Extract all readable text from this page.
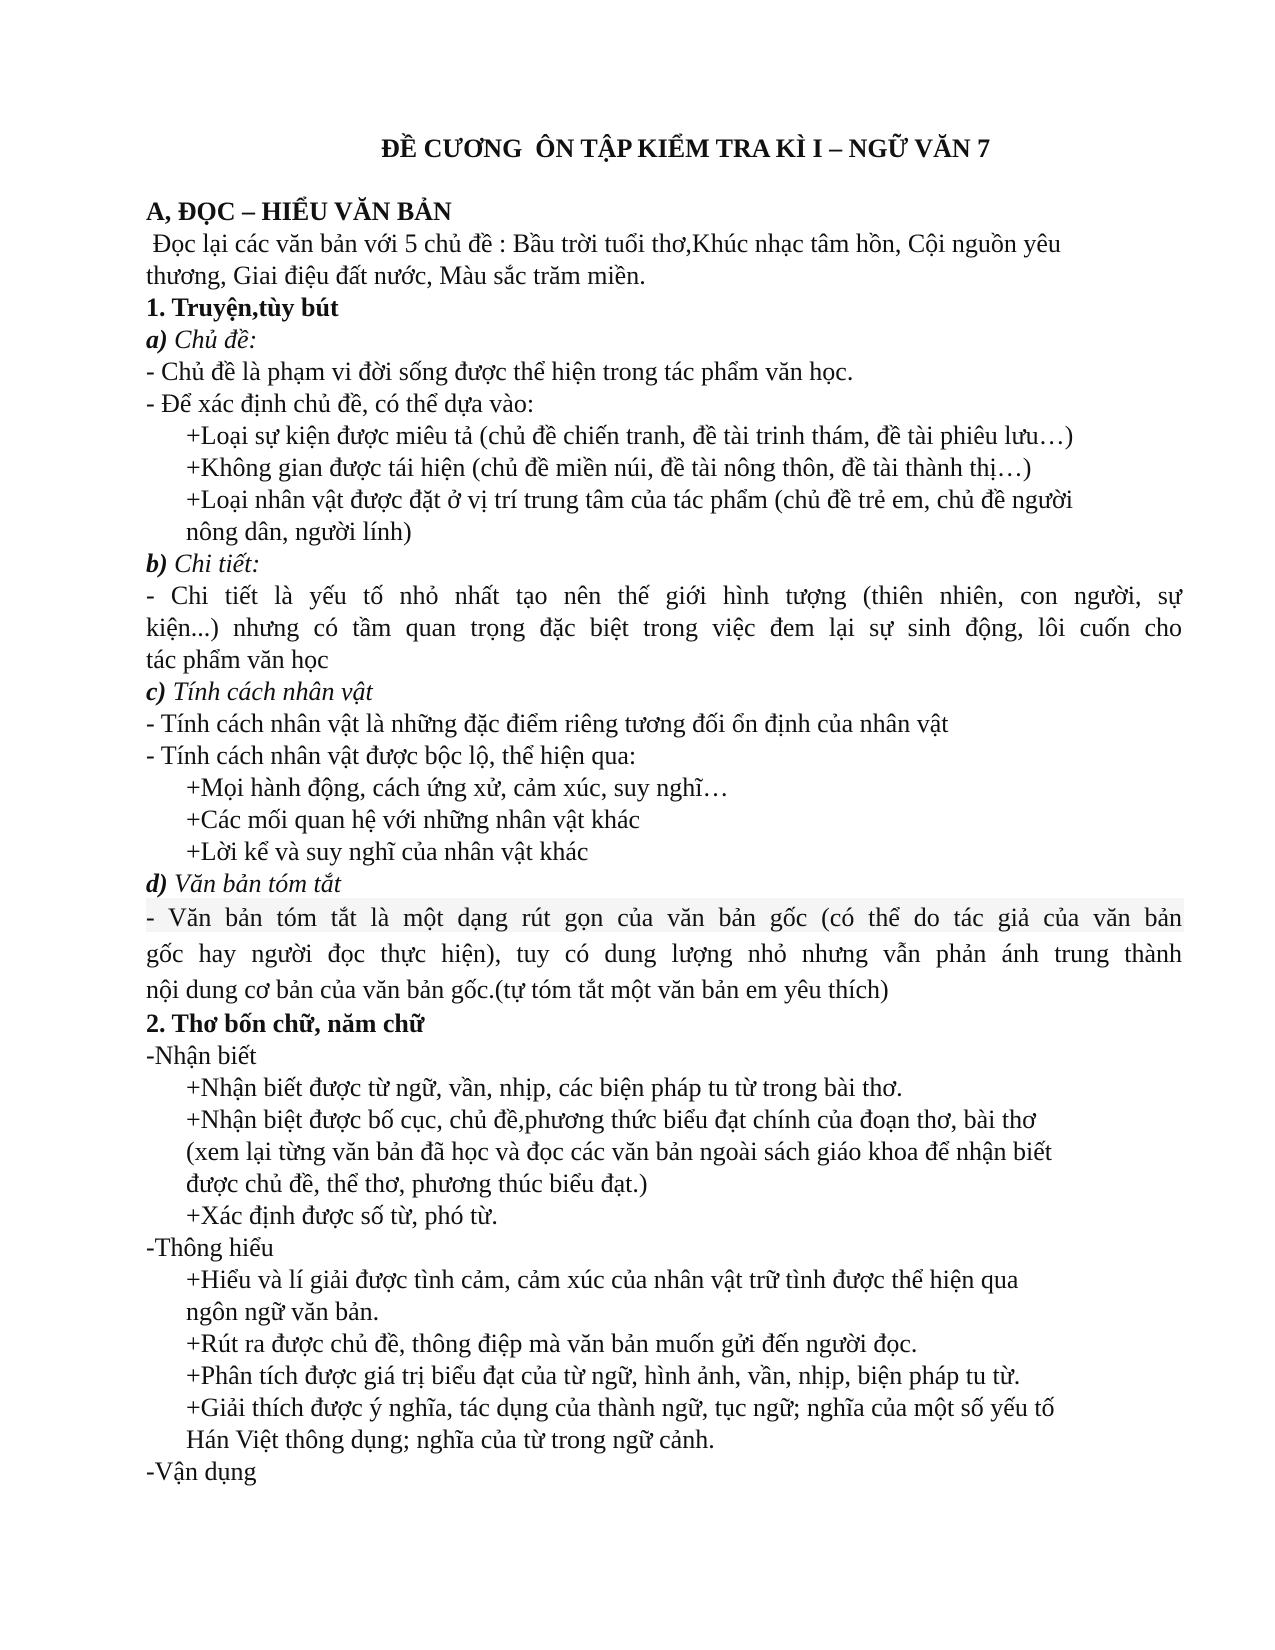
ĐỀ CƯƠNG  ÔN TẬP KIỂM TRA KÌ I – NGỮ VĂN 7
A, ĐỌC – HIỂU VĂN BẢN
Đọc lại các văn bản với 5 chủ đề : Bầu trời tuổi thơ,Khúc nhạc tâm hồn, Cội nguồn yêu
thương, Giai điệu đất nước, Màu sắc trăm miền.
1. Truyện,tùy bút
a) Chủ đề:
- Chủ đề là phạm vi đời sống được thể hiện trong tác phẩm văn học.
- Để xác định chủ đề, có thể dựa vào:
+Loại sự kiện được miêu tả (chủ đề chiến tranh, đề tài trinh thám, đề tài phiêu lưu…)
+Không gian được tái hiện (chủ đề miền núi, đề tài nông thôn, đề tài thành thị…)
+Loại nhân vật được đặt ở vị trí trung tâm của tác phẩm (chủ đề trẻ em, chủ đề người
nông dân, người lính)
b) Chi tiết:
- Chi tiết là yếu tố nhỏ nhất tạo nên thế giới hình tượng (thiên nhiên, con người, sự
kiện...) nhưng có tầm quan trọng đặc biệt trong việc đem lại sự sinh động, lôi cuốn cho
tác phẩm văn học
c) Tính cách nhân vật
- Tính cách nhân vật là những đặc điểm riêng tương đối ổn định của nhân vật
- Tính cách nhân vật được bộc lộ, thể hiện qua:
+Mọi hành động, cách ứng xử, cảm xúc, suy nghĩ…
+Các mối quan hệ với những nhân vật khác
+Lời kể và suy nghĩ của nhân vật khác
d) Văn bản tóm tắt
- Văn bản tóm tắt là một dạng rút gọn của văn bản gốc (có thể do tác giả của văn bản
gốc hay người đọc thực hiện), tuy có dung lượng nhỏ nhưng vẫn phản ánh trung thành
nội dung cơ bản của văn bản gốc.(tự tóm tắt một văn bản em yêu thích)
2. Thơ bốn chữ, năm chữ
-Nhận biết
+Nhận biết được từ ngữ, vần, nhịp, các biện pháp tu từ trong bài thơ.
+Nhận biệt được bố cục, chủ đề,phương thức biểu đạt chính của đoạn thơ, bài thơ
(xem lại từng văn bản đã học và đọc các văn bản ngoài sách giáo khoa để nhận biết
được chủ đề, thể thơ, phương thúc biểu đạt.)
+Xác định được số từ, phó từ.
-Thông hiểu
+Hiểu và lí giải được tình cảm, cảm xúc của nhân vật trữ tình được thể hiện qua
ngôn ngữ văn bản.
+Rút ra được chủ đề, thông điệp mà văn bản muốn gửi đến người đọc.
+Phân tích được giá trị biểu đạt của từ ngữ, hình ảnh, vần, nhịp, biện pháp tu từ.
+Giải thích được ý nghĩa, tác dụng của thành ngữ, tục ngữ; nghĩa của một số yếu tố
Hán Việt thông dụng; nghĩa của từ trong ngữ cảnh.
-Vận dụng
